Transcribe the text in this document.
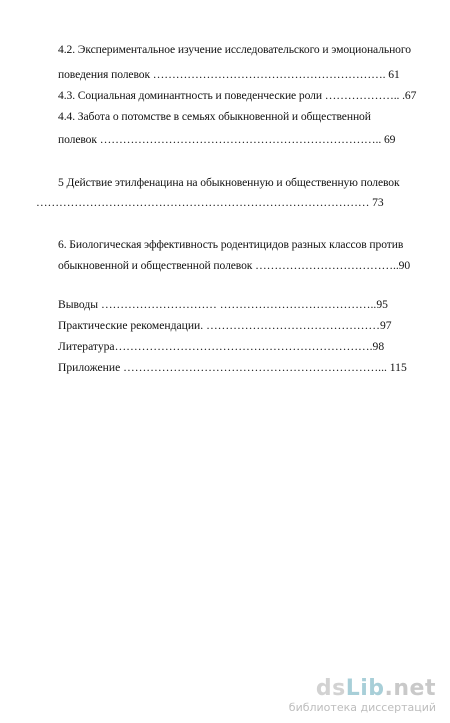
4.2. Экспериментальное изучение исследовательского и эмоционального
поведения полевок ……………………………………………………. 61
4.3. Социальная доминантность и поведенческие роли ……………….. .67
4.4. Забота о потомстве в семьях обыкновенной и общественной
полевок ……………………………………………………………….. 69
5 Действие этилфенацина на обыкновенную и общественную полевок
…………………………………………………………………………… 73
6. Биологическая эффективность родентицидов разных классов против
обыкновенной и общественной полевок ………………………………..90
Выводы ………………………… …………………………………..95
Практические рекомендации. ………………………………………97
Литература………………………………………………………….98
Приложение …………………………………………………………... 115
dsLib.net
библиотека диссертаций
